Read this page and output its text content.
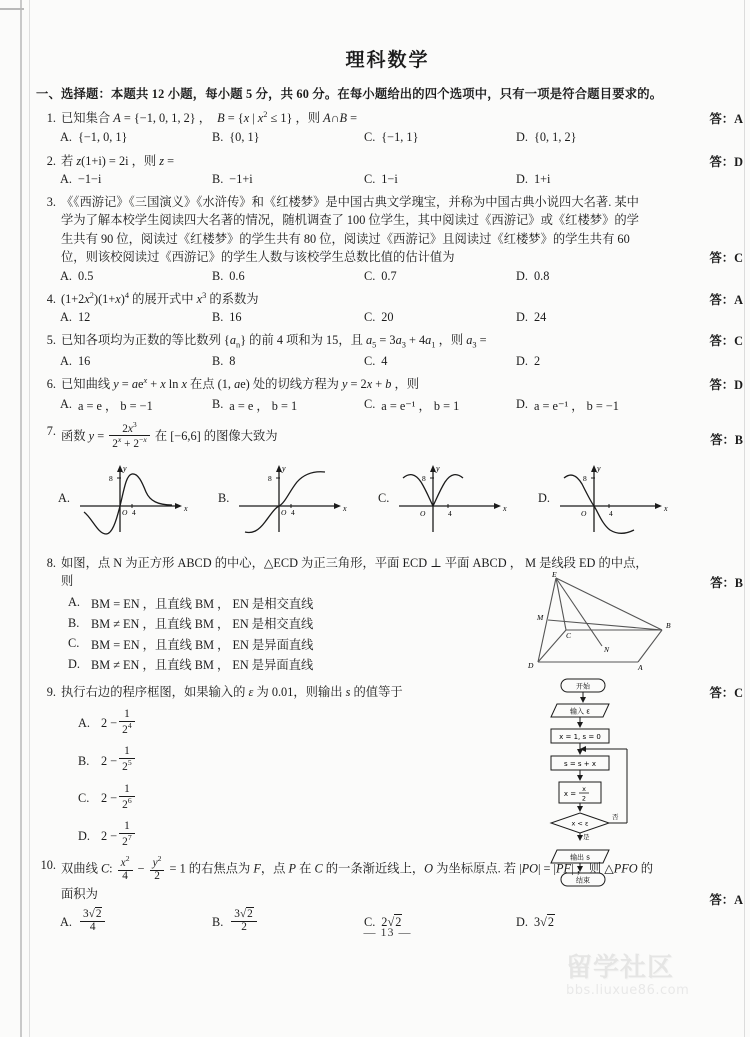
理科数学
一、选择题：本题共 12 小题，每小题 5 分，共 60 分。在每小题给出的四个选项中，只有一项是符合题目要求的。
1. 已知集合 A = {−1, 0, 1, 2} ，  B = {x | $x^2 \le 1$} ，则 A∩B =	答：A
A. {−1, 0, 1}	B. {0, 1}	C. {−1, 1}	D. {0, 1, 2}
2. 若 z(1+i) = 2i ，则 z =	答：D
A. −1−i	B. −1+i	C. 1−i	D. 1+i
3. 《《西游记》《三国演义》《水浒传》和《红楼梦》是中国古典文学瑰宝，并称为中国古典小说四大名著. 某中
学为了解本校学生阅读四大名著的情况，随机调查了 100 位学生，其中阅读过《西游记》或《红楼梦》的学
生共有 90 位，阅读过《红楼梦》的学生共有 80 位，阅读过《西游记》且阅读过《红楼梦》的学生共有 60
位，则该校阅读过《西游记》的学生人数与该校学生总数比值的估计值为	答：C
A. 0.5	B. 0.6	C. 0.7	D. 0.8
4. $(1+2x^2)(1+x)^4$ 的展开式中 $x^3$ 的系数为	答：A
A. 12	B. 16	C. 20	D. 24
5. 已知各项均为正数的等比数列 $\{a_n\}$ 的前 4 项和为 15，且 $a_5 = 3a_3 + 4a_1$ ，则 $a_3$ =	答：C
A. 16	B. 8	C. 4	D. 2
6. 已知曲线 $y = ae^x + x$ ln x 在点 (1, ae) 处的切线方程为 y = 2x + b ，则	答：D
A. a = e ， b = −1	B. a = e ， b = 1	C. a = e⁻¹ ， b = 1	D. a = e⁻¹ ， b = −1
7. 函数 $y = \frac{2x^3}{2^x + 2^{-x}}$ 在 [−6,6] 的图像大致为	答：B
A.
x
y
8
O 4
B.
x
y
8
O 4
C.
x
y
8
O	4
D.
x
y
8
O	4
8. 如图，点 N 为正方形 ABCD 的中心，△ECD 为正三角形，平面 ECD ⊥ 平面 ABCD ， M 是线段 ED 的中点，
则	答：B
A. BM = EN ，且直线 BM ， EN 是相交直线
B. BM ≠ EN ，且直线 BM ， EN 是相交直线
C. BM = EN ，且直线 BM ， EN 是异面直线
D. BM ≠ EN ，且直线 BM ， EN 是异面直线
E
M
C
B
N
D	A
9. 执行右边的程序框图，如果输入的 ε 为 0.01，则输出 s 的值等于	答：C
A. $2 - \frac{1}{2^4}$
B. $2 - \frac{1}{2^5}$
C. $2 - \frac{1}{2^6}$
D. $2 - \frac{1}{2^7}$
开始
输入 ε
x = 1, s = 0
s = s + x
x =
x
2
x < ε
否
是
输出 s
结束
10. 双曲线 C: $\frac{x^2}{4} - \frac{y^2}{2} = 1$ 的右焦点为 F，点 P 在 C 的一条渐近线上，O 为坐标原点. 若 |PO| = |PF| ，则 △PFO 的
面积为	答：A
A. $\frac{3√2}{4}$	B. $\frac{3√2}{2}$	C. 2√2	D. 3√2
— 13 —
留学社区
bbs.liuxue86.com
